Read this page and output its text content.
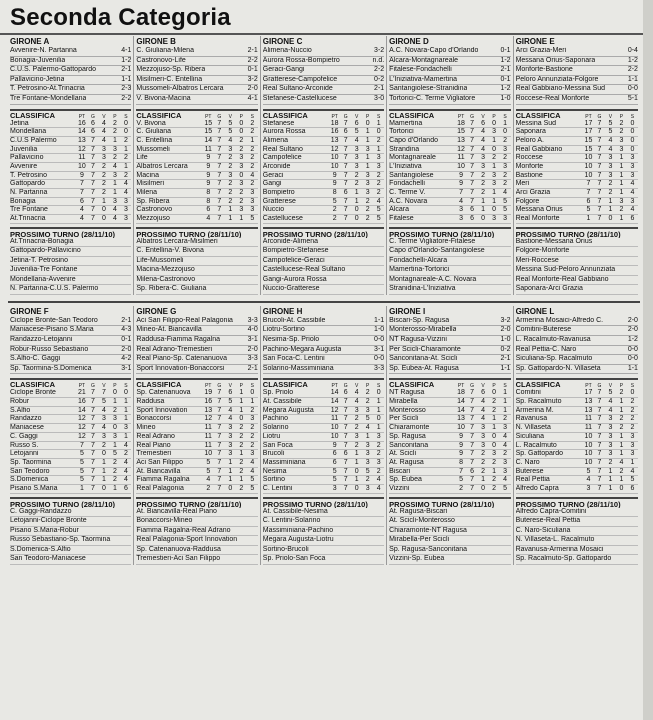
Seconda Categoria
GIRONE A
Avvenire-N. Partanna	4-1
Bonagia-Juvenilia	1-2
C.U.S. Palermo-Gattopardo	2-1
Pallavicino-Jetina	1-1
T. Petrosino-At.Trinacria	2-3
Tre Fontane-Mondellana	2-2
CLASSIFICA	PT	G	V	P	S
Jetina	16 6	4	2	0
Mondellana	14 6	4	2	0
C.U.S Palermo	13 7	4	1	2
Juvenilia	12 7	3	3	1
Pallavicino	11 7	3	2	2
Avvenire	10 7	2	4	1
T. Petrosino	9	7	2	3	2
Gattopardo	7	7	2	1	4
N. Partanna	7	7	2	1	4
Bonagia	6	7	1	3	3
Tre Fontane	4	7	0	4	3
At.Trinacria	4	7	0	4	3
PROSSIMO TURNO (28/11/10)
At.Trinacria-Bonagia
Gattopardo-Pallavicino
Jetina-T. Petrosino
Juvenilia-Tre Fontane
Mondellana-Avvenire
N. Partanna-C.U.S. Palermo
GIRONE B
C. Giuliana-Milena	2-1
Castronovo-Life	2-2
Mezzojuso-Sp. Ribera	0-1
Misilmeri-C. Entellina	3-2
Mussomeli-Albatros Lercara	2-0
V. Bivona-Macina	4-1
CLASSIFICA	PT	G	V	P	S
V. Bivona	15 7	5	0	2
C. Giuliana	15 7	5	0	2
C. Entellina	14 7	4	2	1
Mussomeli	11 7	3	2	2
Life	9	7	2	3	2
Albatros Lercara	9	7	2	3	2
Macina	9	7	3	0	4
Misilmeri	9	7	2	3	2
Milena	8	7	2	2	3
Sp. Ribera	8	7	2	2	3
Castronovo	6	7	1	3	3
Mezzojuso	4	7	1	1	5
PROSSIMO TURNO (28/11/10)
Albatros Lercara-Misilmeri
C. Entellina-V. Bivona
Life-Mussomeli
Macina-Mezzojuso
Milena-Castronovo
Sp. Ribera-C. Giuliana
GIRONE C
Alimena-Nuccio	3-2
Aurora Rossa-Bompietro	n.d.
Geraci-Gangi	2-2
Gratterese-Campofelice	0-2
Real Sultano-Arconide	2-1
Stefanese-Castellucese	3-0
CLASSIFICA	PT	G	V	P	S
Stefanese	18 7	6	0	1
Aurora Rossa	16 6	5	1	0
Alimena	13 7	4	1	2
Real Sultano	12 7	3	3	1
Campofelice	10 7	3	1	3
Arconide	10 7	3	1	3
Geraci	9	7	2	3	2
Gangi	9	7	2	3	2
Bompietro	8	6	1	3	2
Gratterese	5	7	1	2	4
Nuccio	2	7	0	2	5
Castellucese	2	7	0	2	5
PROSSIMO TURNO (28/11/10)
Arconide-Alimena
Bompietro-Stefanese
Campofelice-Geraci
Castellucese-Real Sultano
Gangi-Aurora Rossa
Nuccio-Gratterese
GIRONE D
A.C. Novara-Capo d'Orlando	0-1
Alcara-Montagnareale	1-2
Fitalese-Fondachelli	2-1
L'Iniziativa-Mamertina	0-1
Santangiolese-Stranidina	1-2
Tortorici-C. Terme Vigliatore	1-0
CLASSIFICA	PT	G	V	P	S
Mamertina	18 7	6	0	1
Tortorici	15 7	4	3	0
Capo d'Orlando	13 7	4	1	2
Strandina	12 7	4	0	3
Montagnareale	11 7	3	2	2
L'Iniziativa	10 7	3	1	3
Santangiolese	9	7	2	3	2
Fondachelli	9	7	2	3	2
C. Terme V.	7	7	2	1	4
A.C. Novara	4	7	1	1	5
Alcara	3	6	1	0	5
Fitalese	3	6	0	3	3
PROSSIMO TURNO (28/11/10)
C. Terme Vigliatore-Fitalese
Capo d'Orlando-Santangiolese
Fondachelli-Alcara
Mamertina-Tortorici
Montagnareale-A.C. Novara
Stranidina-L'Iniziativa
GIRONE E
Arci Grazia-Meri	0-4
Messana Orius-Saponara	1-2
Monforte-Bastione	2-2
Peloro Annunziata-Folgore	1-1
Real Gabbiano-Messina Sud	0-0
Roccese-Real Monforte	5-1
CLASSIFICA	PT	G	V	P	S
Messina Sud	17 7	5	2	0
Saponara	17 7	5	2	0
Peloro A.	15 7	4	3	0
Real Gabbiano	15 7	4	3	0
Roccese	10 7	3	1	3
Monforte	10 7	3	1	3
Bastione	10 7	3	1	3
Meri	7	7	2	1	4
Arci Grazia	7	7	2	1	4
Folgore	6	7	1	3	3
Messana Orius	5	7	1	2	4
Real Monforte	1	7	0	1	6
PROSSIMO TURNO (28/11/10)
Bastione-Messana Orius
Folgore-Monforte
Meri-Roccese
Messina Sud-Peloro Annunziata
Real Monforte-Real Gabbiano
Saponara-Arci Grazia
GIRONE F
Ciclope Bronte-San Teodoro	2-1
Maniacese-Pisano S.Maria	4-3
Randazzo-Letojanni	0-1
Robur-Russo Sebastiano	2-0
S.Alfio-C. Gaggi	4-2
Sp. Taormina-S.Domenica	3-1
CLASSIFICA	PT	G	V	P	S
Ciclope Bronte	21 7	7	0	0
Robur	16 7	5	1	1
S.Alfio	14 7	4	2	1
Randazzo	12 7	3	3	1
Maniacese	12 7	4	0	3
C. Gaggi	12 7	3	3	1
Russo S.	7	7	2	1	4
Letojanni	5	7	0	5	2
Sp. Taormina	5	7	1	2	4
San Teodoro	5	7	1	2	4
S.Domenica	5	7	1	2	4
Pisano S.Maria	1	7	0	1	6
PROSSIMO TURNO (28/11/10)
C. Gaggi-Randazzo
Letojanni-Ciclope Bronte
Pisano S.Maria-Robur
Russo Sebastiano-Sp. Taormina
S.Domenica-S.Alfio
San Teodoro-Maniacese
GIRONE G
Aci San Filippo-Real Palagonia 3-3
Mineo-At. Biancavilla	4-0
Raddusa-Fiamma Ragalna	3-1
Real Adrano-Tremestieri	2-0
Real Piano-Sp. Catenanuova	3-3
Sport Innovation-Bonaccorsi	2-1
CLASSIFICA	PT	G	V	P	S
Sp. Catenanuova	19 7	6	1	0
Raddusa	16 7	5	1	1
Sport Innovation	13 7	4	1	2
Bonaccorsi	12 7	4	0	3
Mineo	11 7	3	2	2
Real Adrano	11 7	3	2	2
Real Piano	11 7	3	2	2
Tremestieri	10 7	3	1	3
Aci San Filippo	5	7	1	2	4
At. Biancavilla	5	7	1	2	4
Fiamma Ragalna	4	7	1	1	5
Real Palagonia	2	7	0	2	5
PROSSIMO TURNO (28/11/10)
At. Biancavilla-Real Piano
Bonaccorsi-Mineo
Fiamma Ragalna-Real Adrano
Real Palagonia-Sport Innovation
Sp. Catenanuova-Raddusa
Tremestieri-Aci San Filippo
GIRONE H
Brucoli-At. Cassibile	1-1
Liotru-Sortino	1-0
Nesima-Sp. Priolo	0-0
Pachino-Megara Augusta	3-1
San Foca-C. Lentini	0-0
Solarino-Massiminiana	3-3
CLASSIFICA	PT	G	V	P	S
Sp. Priolo	14 6	4	2	0
At. Cassibile	14 7	4	2	1
Megara Augusta	12 7	3	3	1
Pachino	11 7	2	5	0
Solarino	10 7	2	4	1
Liotru	10 7	3	1	3
San Foca	9	7	2	3	2
Brucoli	6	6	1	3	2
Massiminiana	6	7	1	3	3
Nesima	5	7	0	5	2
Sortino	5	7	1	2	4
C. Lentini	3	7	0	3	4
PROSSIMO TURNO (28/11/10)
At. Cassibile-Nesima
C. Lentini-Solarino
Massiminiana-Pachino
Megara Augusta-Liotru
Sortino-Brucoli
Sp. Priolo-San Foca
GIRONE I
Biscari-Sp. Ragusa	3-2
Monterosso-Mirabella	2-0
NT Ragusa-Vizzini	1-0
Per Scicli-Chiaramonte	0-2
Sanconitana-At. Scicli	2-1
Sp. Eubea-At. Ragusa	1-1
CLASSIFICA	PT	G	V	P	S
NT Ragusa	18 7	6	0	1
Mirabella	14 7	4	2	1
Monterosso	14 7	4	2	1
Per Scicli	13 7	4	1	2
Chiaramonte	10 7	3	1	3
Sp. Ragusa	9	7	3	0	4
Sanconitana	9	7	3	0	4
At. Scicli	9	7	2	3	2
At. Ragusa	8	7	2	2	3
Biscari	7	6	2	1	3
Sp. Eubea	5	7	1	2	4
Vizzini	2	7	0	2	5
PROSSIMO TURNO (28/11/10)
At. Ragusa-Biscari
At. Scicli-Monterosso
Chiaramonte-NT Ragusa
Mirabella-Per Scicli
Sp. Ragusa-Sanconitana
Vizzini-Sp. Eubea
GIRONE L
Armerina Mosaici-Alfredo C.	2-0
Comitini-Buterese	2-0
L. Racalmuto-Ravanusa	1-2
Real Pettia-C. Naro	0-0
Siculiana-Sp. Racalmuto	0-0
Sp. Gattopardo-N. Villaseta	1-1
CLASSIFICA	PT	G	V	P	S
Comitini	17 7	5	2	0
Sp. Racalmuto	13 7	4	1	2
Armerina M.	13 7	4	1	2
Ravanusa	11 7	3	2	2
N. Villaseta	11 7	3	2	2
Siculiana	10 7	3	1	3
L. Racalmuto	10 7	3	1	3
Sp. Gattopardo	10 7	3	1	3
C. Naro	10 7	2	4	1
Buterese	5	7	1	2	4
Real Pettia	4	7	1	1	5
Alfredo Capra	3	7	1	0	6
PROSSIMO TURNO (28/11/10)
Alfredo Capra-Comitini
Buterese-Real Pettia
C. Naro-Siculiana
N. Villaseta-L. Racalmuto
Ravanusa-Armerina Mosaici
Sp. Racalmuto-Sp. Gattopardo
